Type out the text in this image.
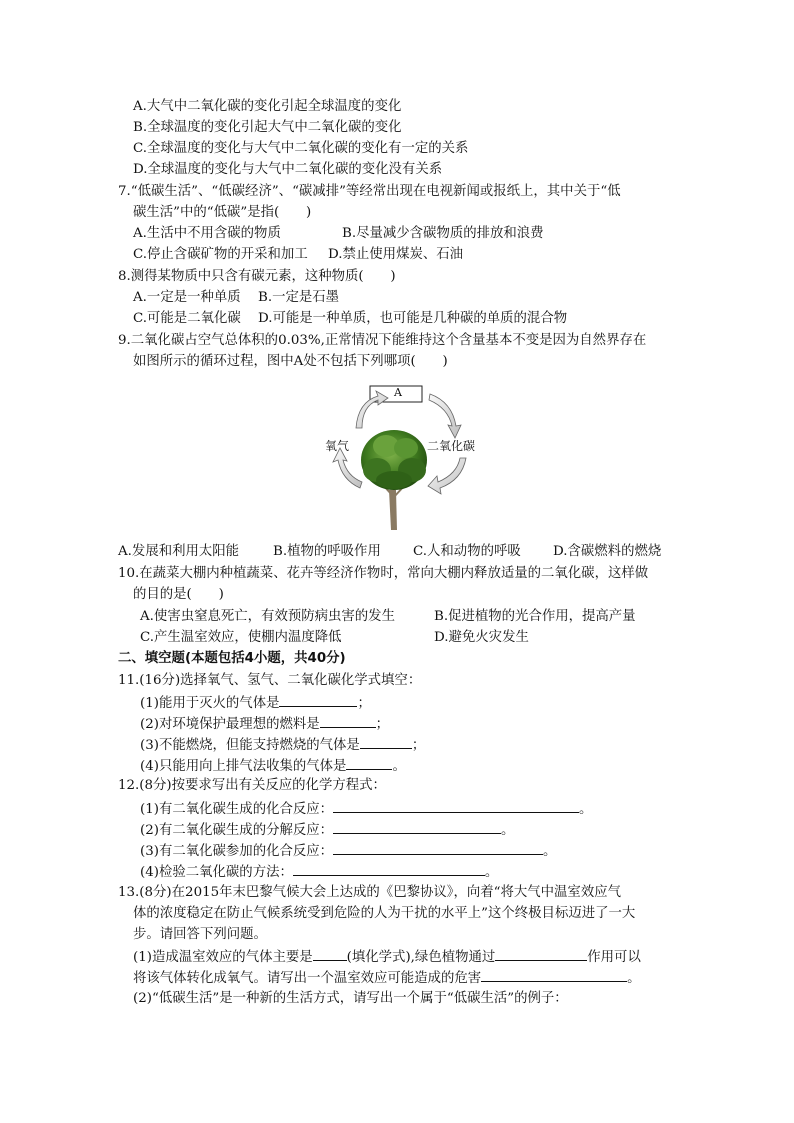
A.大气中二氧化碳的变化引起全球温度的变化
B.全球温度的变化引起大气中二氧化碳的变化
C.全球温度的变化与大气中二氧化碳的变化有一定的关系
D.全球温度的变化与大气中二氧化碳的变化没有关系
7.“低碳生活”、“低碳经济”、“碳减排”等经常出现在电视新闻或报纸上，其中关于“低
碳生活”中的“低碳”是指(　　)
A.生活中不用含碳的物质	B.尽量减少含碳物质的排放和浪费
C.停止含碳矿物的开采和加工 D.禁止使用煤炭、石油
8.测得某物质中只含有碳元素，这种物质(　　)
A.一定是一种单质 B.一定是石墨
C.可能是二氧化碳 D.可能是一种单质，也可能是几种碳的单质的混合物
9.二氧化碳占空气总体积的0.03%,正常情况下能维持这个含量基本不变是因为自然界存在
如图所示的循环过程，图中A处不包括下列哪项(　　)
A
氧气	二氧化碳
A.发展和利用太阳能	B.植物的呼吸作用 C.人和动物的呼吸 D.含碳燃料的燃烧
10.在蔬菜大棚内种植蔬菜、花卉等经济作物时，常向大棚内释放适量的二氧化碳，这样做
的目的是(　　)
A.使害虫窒息死亡，有效预防病虫害的发生	B.促进植物的光合作用，提高产量
C.产生温室效应，使棚内温度降低	D.避免火灾发生
二、填空题(本题包括4小题，共40分)
11.(16分)选择氧气、氢气、二氧化碳化学式填空：
(1)能用于灭火的气体是	；
(2)对环境保护最理想的燃料是	；
(3)不能燃烧，但能支持燃烧的气体是	；
(4)只能用向上排气法收集的气体是	。
12.(8分)按要求写出有关反应的化学方程式：
(1)有二氧化碳生成的化合反应：	。
(2)有二氧化碳生成的分解反应：	。
(3)有二氧化碳参加的化合反应：	。
(4)检验二氧化碳的方法：	。
13.(8分)在2015年末巴黎气候大会上达成的《巴黎协议》，向着“将大气中温室效应气
体的浓度稳定在防止气候系统受到危险的人为干扰的水平上”这个终极目标迈进了一大
步。请回答下列问题。
(1)造成温室效应的气体主要是	(填化学式),绿色植物通过	作用可以
将该气体转化成氧气。请写出一个温室效应可能造成的危害	。
(2)“低碳生活”是一种新的生活方式，请写出一个属于“低碳生活”的例子：
